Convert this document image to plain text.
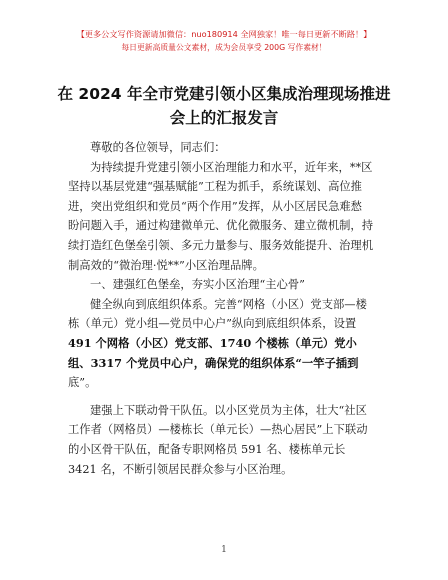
【更多公文写作资源请加微信：nuo180914 全网独家！唯一每日更新不断路！】
每日更新高质量公文素材，成为会员享受 200G 写作素材！
在 2024 年全市党建引领小区集成治理现场推进
会上的汇报发言

尊敬的各位领导，同志们：

为持续提升党建引领小区治理能力和水平，近年来，**区

坚持以基层党建“强基赋能”工程为抓手，系统谋划、高位推

进，突出党组织和党员“两个作用”发挥，从小区居民急难愁

盼问题入手，通过构建微单元、优化微服务、建立微机制，持

续打造红色堡垒引领、多元力量参与、服务效能提升、治理机

制高效的“微治理·悦**”小区治理品牌。

一、建强红色堡垒，夯实小区治理“主心骨”

健全纵向到底组织体系。完善“网格（小区）党支部—楼

栋（单元）党小组—党员中心户”纵向到底组织体系，设置

491 个网格（小区）党支部、1740 个楼栋（单元）党小

组、3317 个党员中心户，确保党的组织体系“一竿子插到

底”。

建强上下联动骨干队伍。以小区党员为主体，壮大“社区

工作者（网格员）—楼栋长（单元长）—热心居民”上下联动

的小区骨干队伍，配备专职网格员 591 名、楼栋单元长

3421 名，不断引领居民群众参与小区治理。

1
